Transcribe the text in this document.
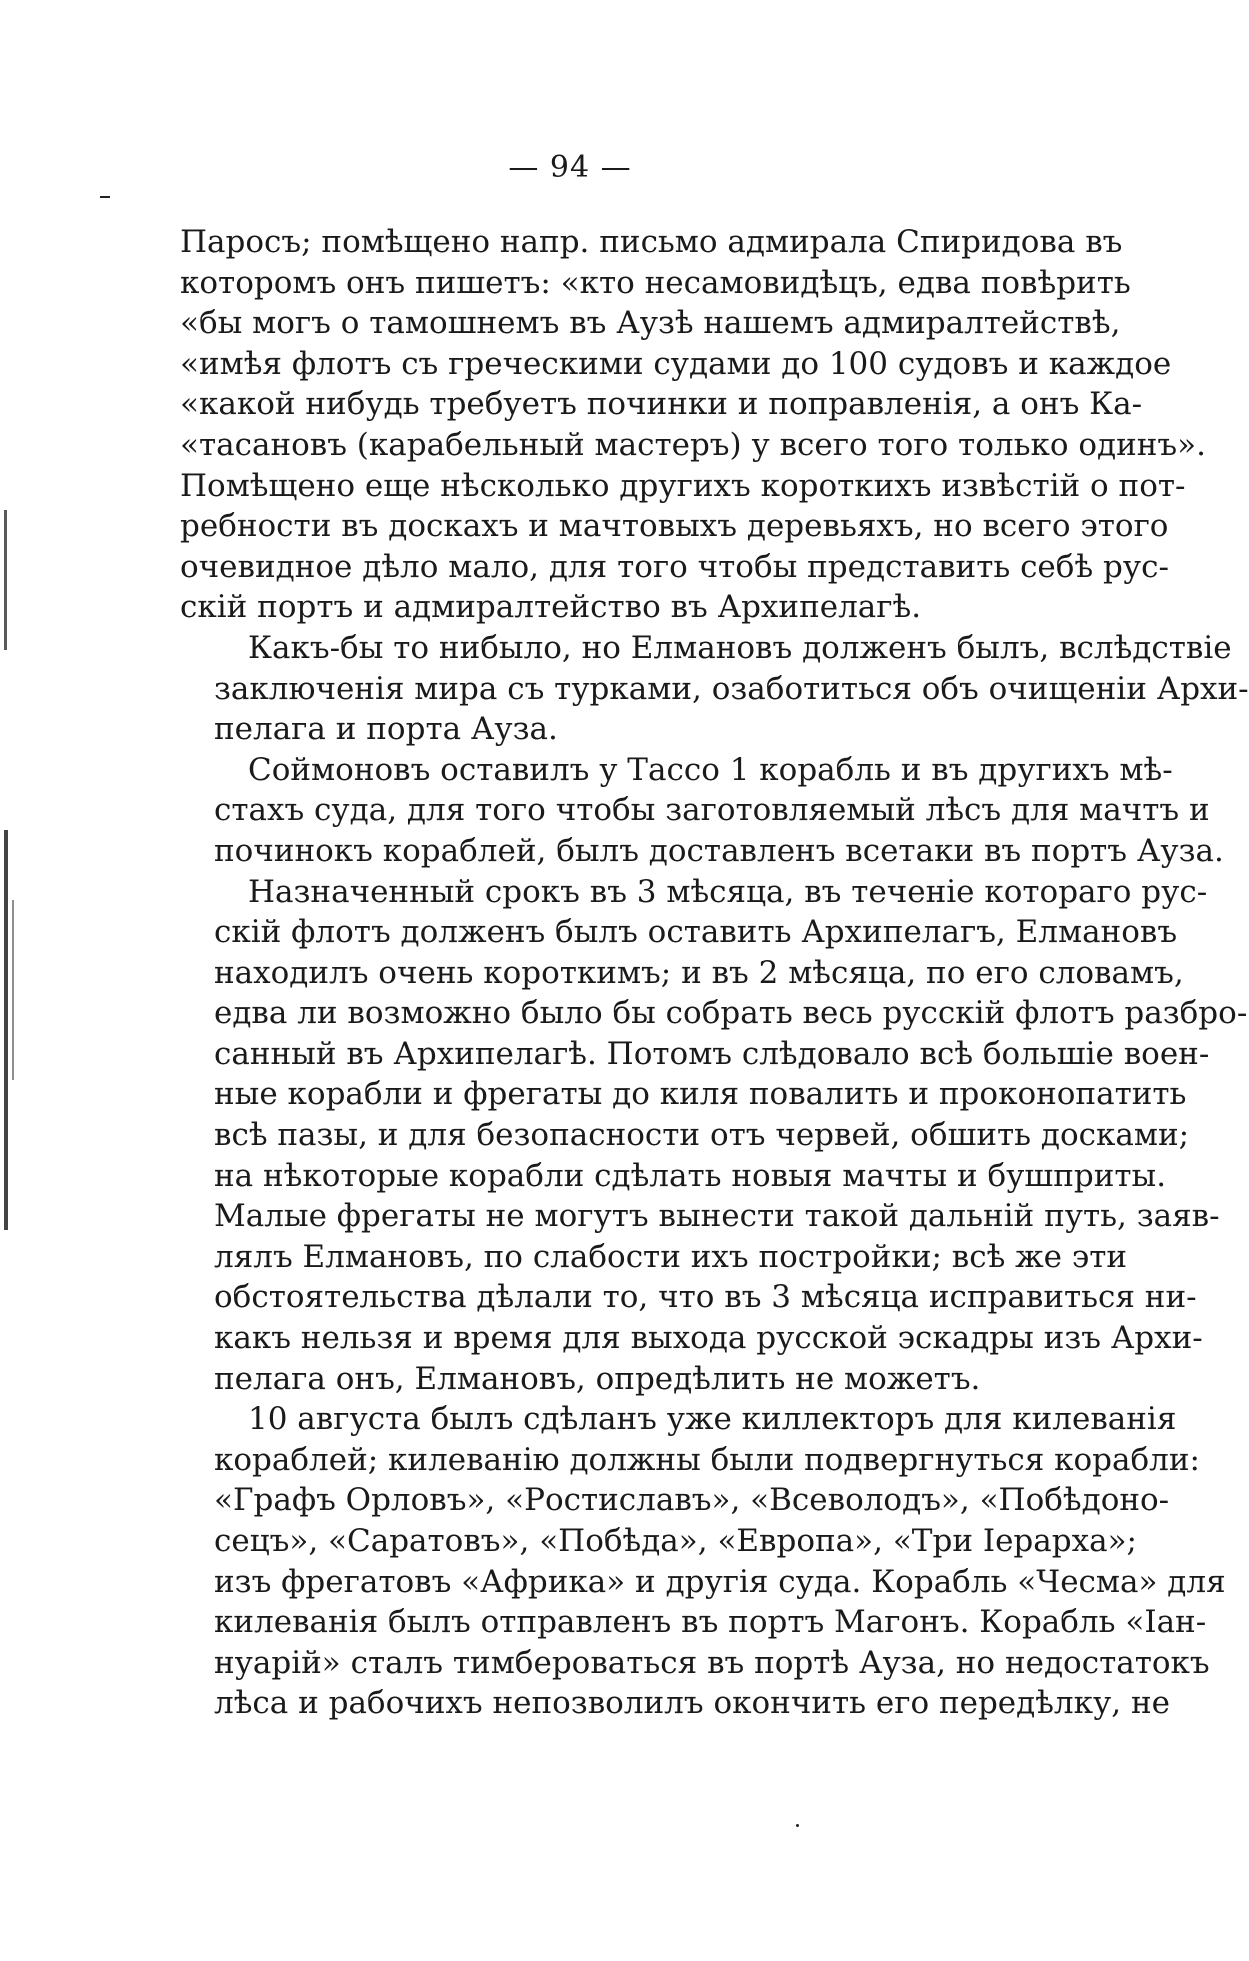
— 94 —
Паросъ; помѣщено напр. письмо адмирала Спиридова въ
которомъ онъ пишетъ: «кто несамовидѣцъ, едва повѣрить
«бы могъ о тамошнемъ въ Аузѣ нашемъ адмиралтействѣ,
«имѣя флотъ съ греческими судами до 100 судовъ и каждое
«какой нибудь требуетъ починки и поправленія, а онъ Ка-
«тасановъ (карабельный мастеръ) у всего того только одинъ».
Помѣщено еще нѣсколько другихъ короткихъ извѣстій о пот-
ребности въ доскахъ и мачтовыхъ деревьяхъ, но всего этого
очевидное дѣло мало, для того чтобы представить себѣ рус-
скій портъ и адмиралтейство въ Архипелагѣ.
Какъ-бы то нибыло, но Елмановъ долженъ былъ, вслѣдствіе
заключенія мира съ турками, озаботиться объ очищеніи Архи-
пелага и порта Ауза.
Соймоновъ оставилъ у Тассо 1 корабль и въ другихъ мѣ-
стахъ суда, для того чтобы заготовляемый лѣсъ для мачтъ и
починокъ кораблей, былъ доставленъ всетаки въ портъ Ауза.
Назначенный срокъ въ 3 мѣсяца, въ теченіе котораго рус-
скій флотъ долженъ былъ оставить Архипелагъ, Елмановъ
находилъ очень короткимъ; и въ 2 мѣсяца, по его словамъ,
едва ли возможно было бы собрать весь русскій флотъ разбро-
санный въ Архипелагѣ. Потомъ слѣдовало всѣ большіе воен-
ные корабли и фрегаты до киля повалить и проконопатить
всѣ пазы, и для безопасности отъ червей, обшить досками;
на нѣкоторые корабли сдѣлать новыя мачты и бушприты.
Малые фрегаты не могутъ вынести такой дальній путь, заяв-
лялъ Елмановъ, по слабости ихъ постройки; всѣ же эти
обстоятельства дѣлали то, что въ 3 мѣсяца исправиться ни-
какъ нельзя и время для выхода русской эскадры изъ Архи-
пелага онъ, Елмановъ, опредѣлить не можетъ.
10 августа былъ сдѣланъ уже киллекторъ для килеванія
кораблей; килеванію должны были подвергнуться корабли:
«Графъ Орловъ», «Ростиславъ», «Всеволодъ», «Побѣдоно-
сецъ», «Саратовъ», «Побѣда», «Европа», «Три Іерарха»;
изъ фрегатовъ «Африка» и другія суда. Корабль «Чесма» для
килеванія былъ отправленъ въ портъ Магонъ. Корабль «Іан-
нуарій» сталъ тимбероваться въ портѣ Ауза, но недостатокъ
лѣса и рабочихъ непозволилъ окончить его передѣлку, не
